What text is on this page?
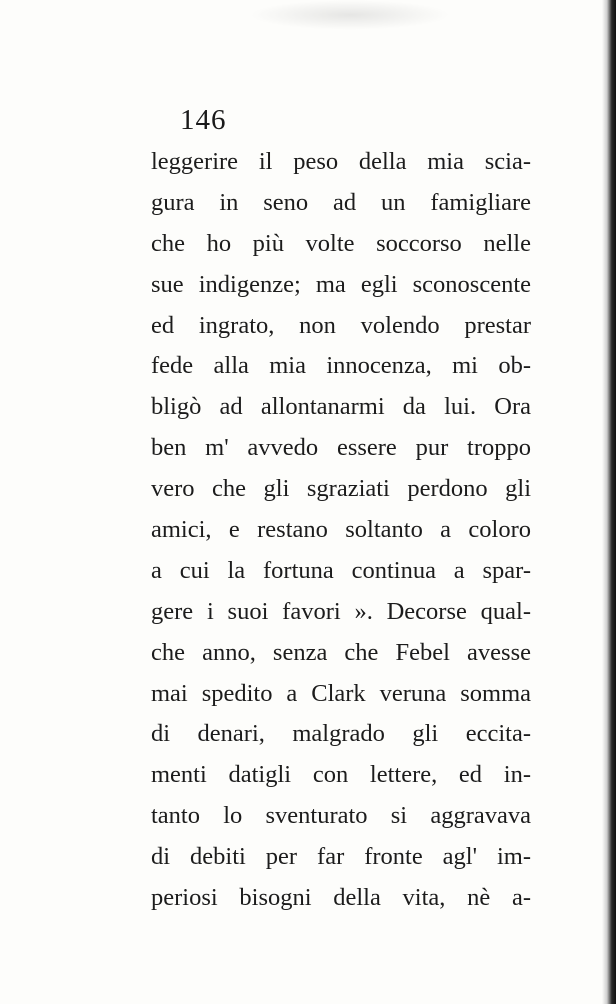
146
leggerire il peso della mia scia-
gura in seno ad un famigliare
che ho più volte soccorso nelle
sue indigenze; ma egli sconoscente
ed ingrato, non volendo prestar
fede alla mia innocenza, mi ob-
bligò ad allontanarmi da lui. Ora
ben m' avvedo essere pur troppo
vero che gli sgraziati perdono gli
amici, e restano soltanto a coloro
a cui la fortuna continua a spar-
gere i suoi favori ». Decorse qual-
che anno, senza che Febel avesse
mai spedito a Clark veruna somma
di denari, malgrado gli eccita-
menti datigli con lettere, ed in-
tanto lo sventurato si aggravava
di debiti per far fronte agl' im-
periosi bisogni della vita, nè a-
